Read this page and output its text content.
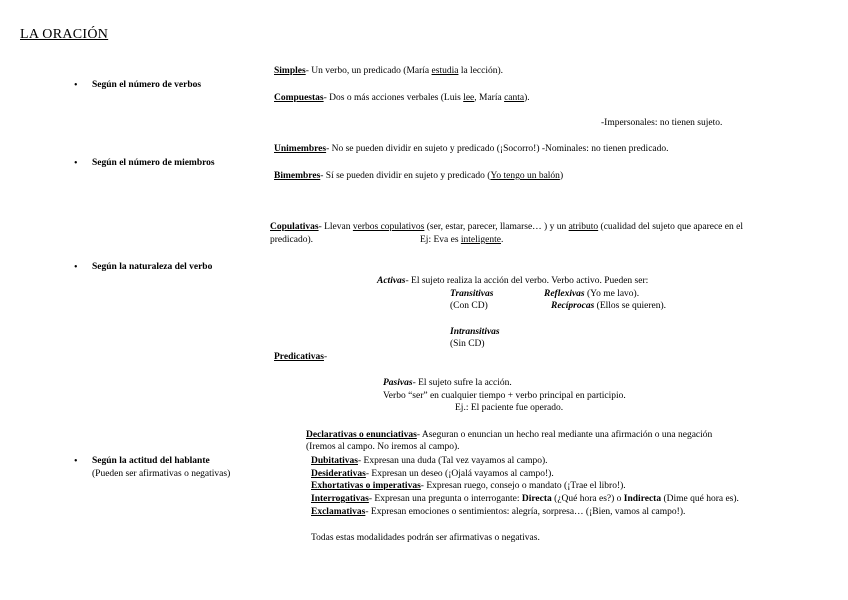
LA ORACIÓN
• Según el número de verbos
Simples- Un verbo, un predicado (María estudia la lección).
Compuestas- Dos o más acciones verbales (Luis lee, María canta).
-Impersonales: no tienen sujeto.
Unimembres- No se pueden dividir en sujeto y predicado (¡Socorro!) -Nominales: no tienen predicado.
• Según el número de miembros
Bimembres- Sí se pueden dividir en sujeto y predicado (Yo tengo un balón)
Copulativas- Llevan verbos copulativos (ser, estar, parecer, llamarse… ) y un atributo (cualidad del sujeto que aparece en el
predicado).	Ej: Eva es inteligente.
• Según la naturaleza del verbo
Activas- El sujeto realiza la acción del verbo. Verbo activo. Pueden ser:
Transitivas	Reflexivas (Yo me lavo).
(Con CD)	Recíprocas (Ellos se quieren).
Intransitivas
(Sin CD)
Predicativas-
Pasivas- El sujeto sufre la acción.
Verbo “ser” en cualquier tiempo + verbo principal en participio.
Ej.: El paciente fue operado.
Declarativas o enunciativas- Aseguran o enuncian un hecho real mediante una afirmación o una negación
(Iremos al campo. No iremos al campo).
• Según la actitud del hablante
(Pueden ser afirmativas o negativas)
Dubitativas- Expresan una duda (Tal vez vayamos al campo).
Desiderativas- Expresan un deseo (¡Ojalá vayamos al campo!).
Exhortativas o imperativas- Expresan ruego, consejo o mandato (¡Trae el libro!).
Interrogativas- Expresan una pregunta o interrogante: Directa (¿Qué hora es?) o Indirecta (Dime qué hora es).
Exclamativas- Expresan emociones o sentimientos: alegría, sorpresa… (¡Bien, vamos al campo!).
Todas estas modalidades podrán ser afirmativas o negativas.
